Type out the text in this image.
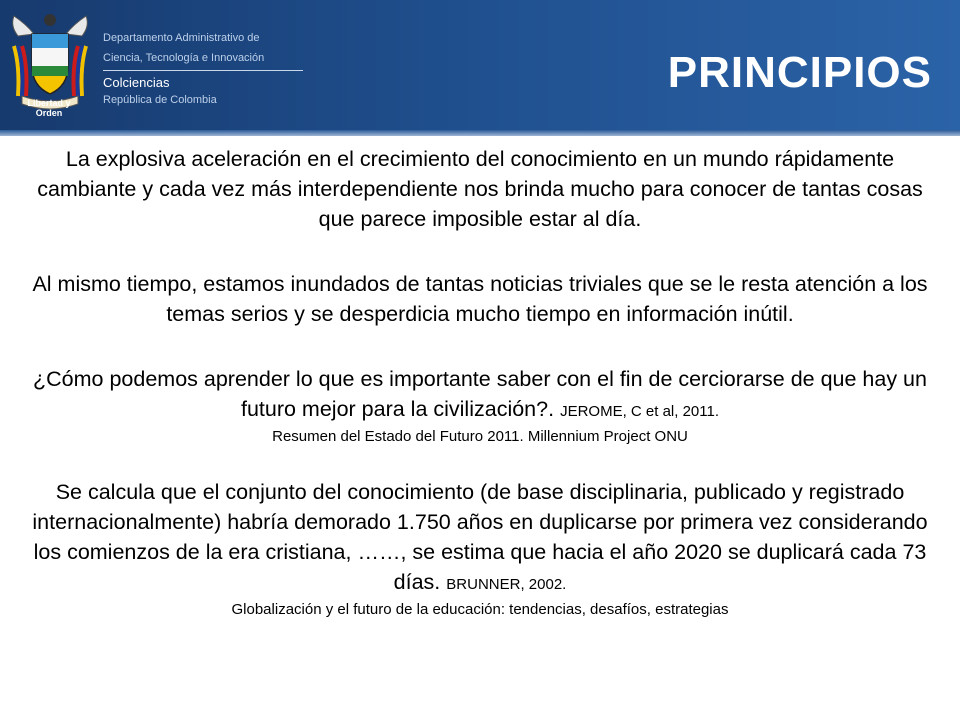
Libertad y Orden
Departamento Administrativo de
Ciencia, Tecnología e Innovación
Colciencias
República de Colombia
PRINCIPIOS

La explosiva aceleración en el crecimiento del conocimiento en un mundo rápidamente cambiante y cada vez más interdependiente nos brinda mucho para conocer de tantas cosas que parece imposible estar al día.

Al mismo tiempo, estamos inundados de tantas noticias triviales que se le resta atención a los temas serios y se desperdicia mucho tiempo en información inútil.

¿Cómo podemos aprender lo que es importante saber con el fin de cerciorarse de que hay un futuro mejor para la civilización?. JEROME, C et al, 2011.

Resumen del Estado del Futuro 2011. Millennium Project ONU

Se calcula que el conjunto del conocimiento (de base disciplinaria, publicado y registrado internacionalmente) habría demorado 1.750 años en duplicarse por primera vez considerando los comienzos de la era cristiana, ……, se estima que hacia el año 2020 se duplicará cada 73 días. BRUNNER, 2002.

Globalización y el futuro de la educación: tendencias, desafíos, estrategias
